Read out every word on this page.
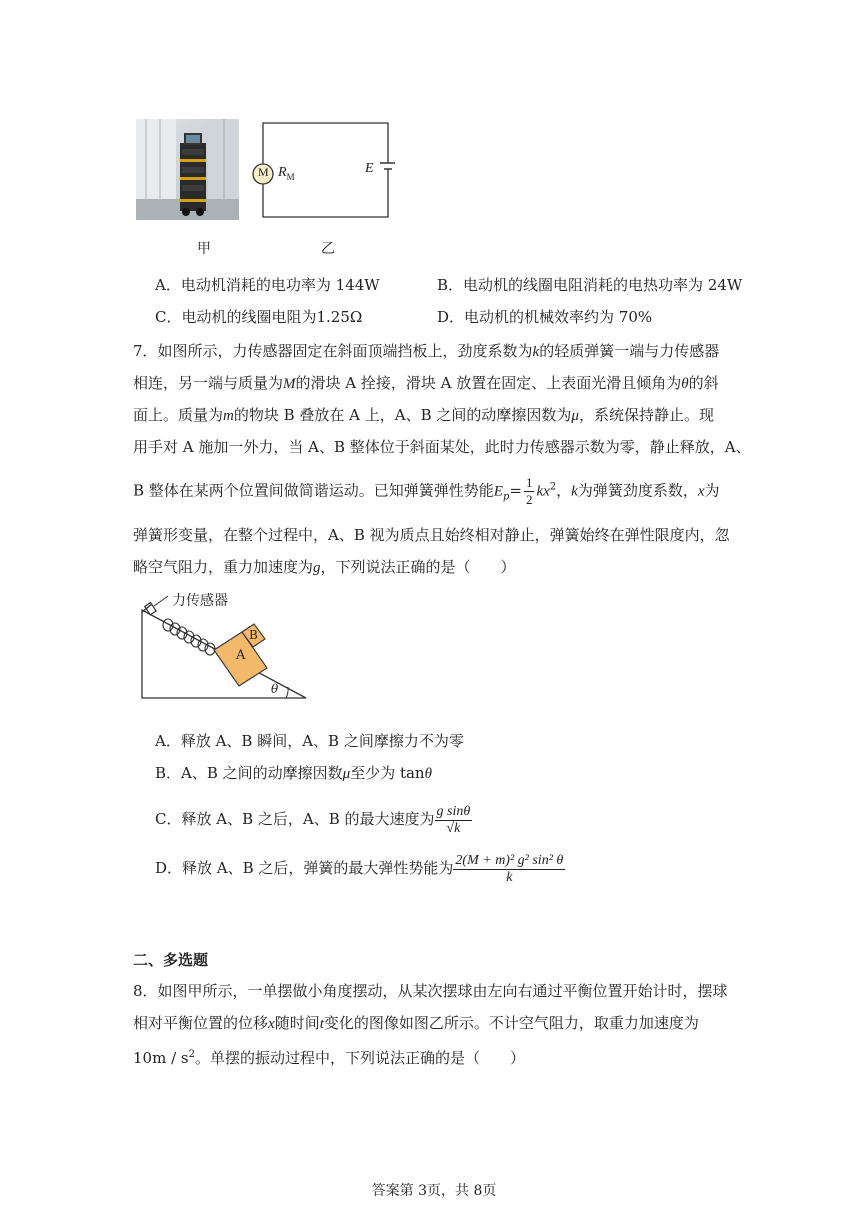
甲
M $R_M$
E
乙
A．电动机消耗的电功率为 144W	B．电动机的线圈电阻消耗的电热功率为 24W
C．电动机的线圈电阻为1.25Ω	D．电动机的机械效率约为 70%
7．如图所示，力传感器固定在斜面顶端挡板上，劲度系数为k的轻质弹簧一端与力传感器
相连，另一端与质量为M的滑块 A 拴接，滑块 A 放置在固定、上表面光滑且倾角为θ的斜
面上。质量为m的物块 B 叠放在 A 上，A、B 之间的动摩擦因数为μ，系统保持静止。现
用手对 A 施加一外力，当 A、B 整体位于斜面某处，此时力传感器示数为零，静止释放，A、
B 整体在某两个位置间做简谐运动。已知弹簧弹性势能$E_p= \frac{1}{2} kx^2$，k为弹簧劲度系数，x为
弹簧形变量，在整个过程中，A、B 视为质点且始终相对静止，弹簧始终在弹性限度内，忽
略空气阻力，重力加速度为g，下列说法正确的是（　　）
力传感器
A
B
θ
A．释放 A、B 瞬间，A、B 之间摩擦力不为零
B．A、B 之间的动摩擦因数μ至少为 tanθ
C．释放 A、B 之后，A、B 的最大速度为 $\frac{\text{g sinθ}}{√k}$
D．释放 A、B 之后，弹簧的最大弹性势能为 $\frac{\text{2(M + m)² g² sin² θ}}{k}$
二、多选题
8．如图甲所示，一单摆做小角度摆动，从某次摆球由左向右通过平衡位置开始计时，摆球
相对平衡位置的位移x随时间t变化的图像如图乙所示。不计空气阻力，取重力加速度为
$10m / s^2$。单摆的振动过程中，下列说法正确的是（　　）
答案第 3页，共 8页
